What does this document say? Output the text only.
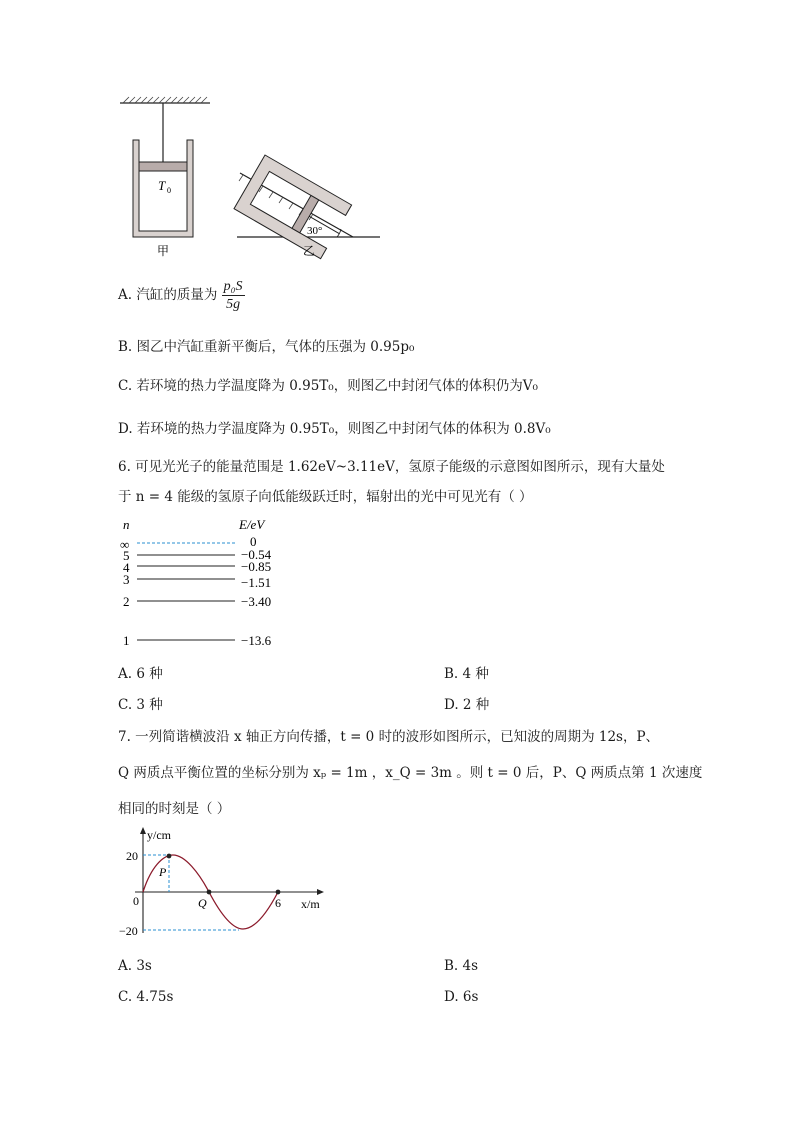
T 0
甲
30°
乙
A. 汽缸的质量为 $\frac{\text{p₀S}}{5g}$
B. 图乙中汽缸重新平衡后，气体的压强为 0.95p₀
C. 若环境的热力学温度降为 0.95T₀，则图乙中封闭气体的体积仍为V₀
D. 若环境的热力学温度降为 0.95T₀，则图乙中封闭气体的体积为 0.8V₀
6. 可见光光子的能量范围是 1.62eV~3.11eV，氢原子能级的示意图如图所示，现有大量处
于 n = 4 能级的氢原子向低能级跃迁时，辐射出的光中可见光有（ ）
n	E/eV
∞	0
5	−0.54
4	−0.85
3	−1.51
2	−3.40
1	−13.6
A. 6 种	B. 4 种
C. 3 种	D. 2 种
7. 一列简谐横波沿 x 轴正方向传播，t = 0 时的波形如图所示，已知波的周期为 12s，P、
Q 两质点平衡位置的坐标分别为 xₚ = 1m ，x_Q = 3m 。则 t = 0 后，P、Q 两质点第 1 次速度
相同的时刻是（ ）
y/cm
x/m
0
20
−20
6
P
Q
A. 3s	B. 4s
C. 4.75s	D. 6s
